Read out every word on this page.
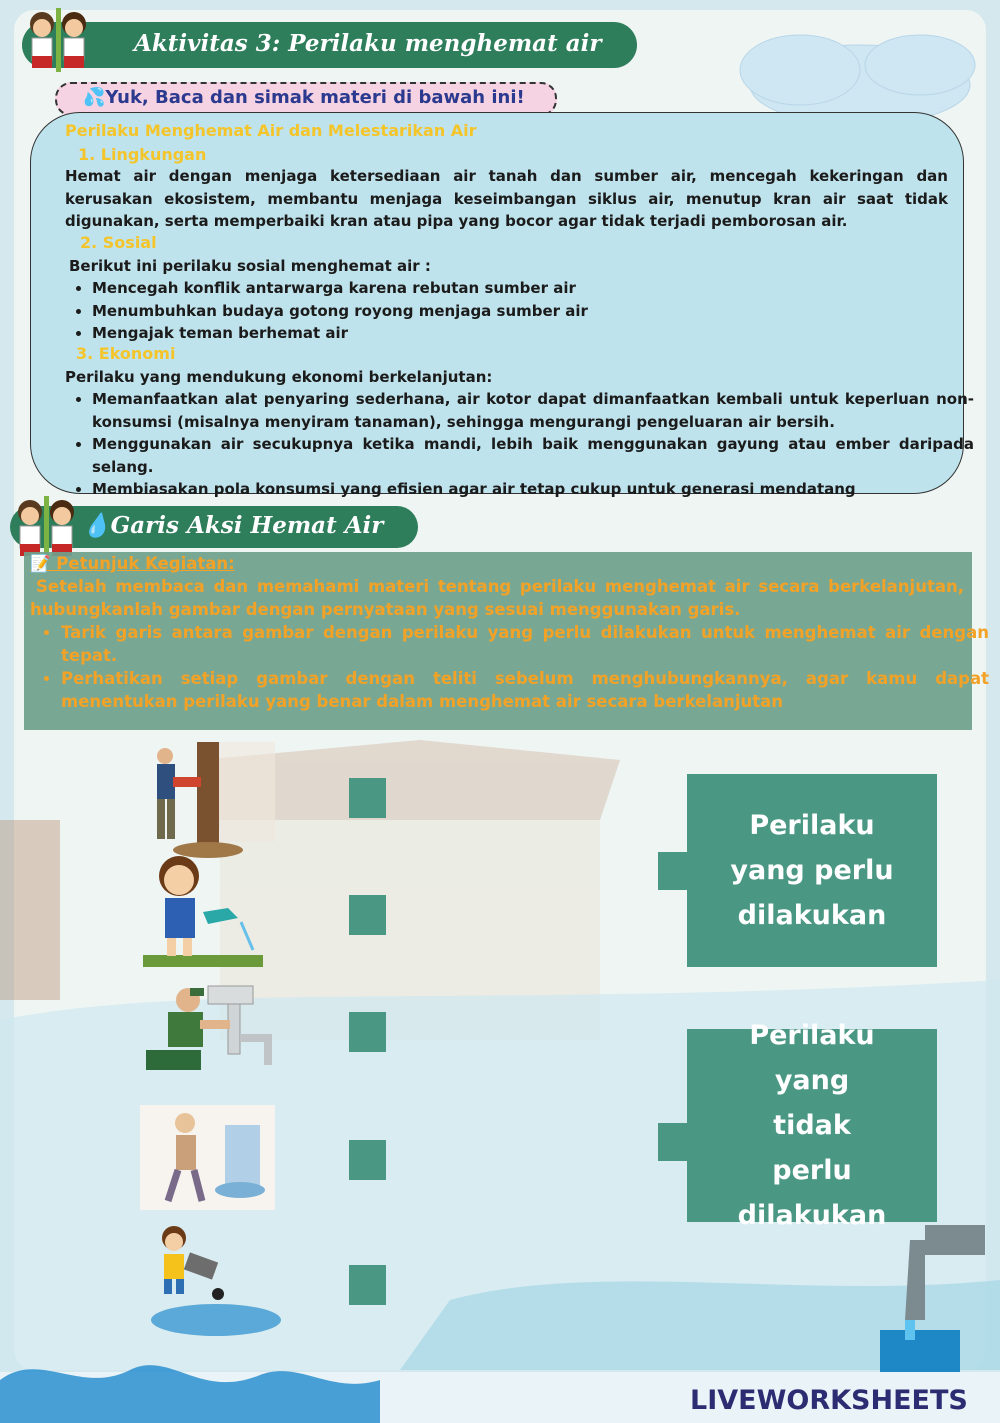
Aktivitas 3: Perilaku menghemat air
💦Yuk, Baca dan simak materi di bawah ini!
Perilaku Menghemat Air dan Melestarikan Air
1. Lingkungan
Hemat air dengan menjaga ketersediaan air tanah dan sumber air, mencegah kekeringan dan kerusakan ekosistem, membantu menjaga keseimbangan siklus air, menutup kran air saat tidak digunakan, serta memperbaiki kran atau pipa yang bocor agar tidak terjadi pemborosan air.
2. Sosial
Berikut ini perilaku sosial menghemat air :
• Mencegah konflik antarwarga karena rebutan sumber air
• Menumbuhkan budaya gotong royong menjaga sumber air
• Mengajak teman berhemat air
3. Ekonomi
Perilaku yang mendukung ekonomi berkelanjutan:
• Memanfaatkan alat penyaring sederhana, air kotor dapat dimanfaatkan kembali untuk keperluan non-konsumsi (misalnya menyiram tanaman), sehingga mengurangi pengeluaran air bersih.
• Menggunakan air secukupnya ketika mandi, lebih baik menggunakan gayung atau ember daripada selang.
• Membiasakan pola konsumsi yang efisien agar air tetap cukup untuk generasi mendatang
💧Garis Aksi Hemat Air
📝 Petunjuk Kegiatan:
Setelah membaca dan memahami materi tentang perilaku menghemat air secara berkelanjutan, hubungkanlah gambar dengan pernyataan yang sesuai menggunakan garis.
• Tarik garis antara gambar dengan perilaku yang perlu dilakukan untuk menghemat air dengan tepat.
• Perhatikan setiap gambar dengan teliti sebelum menghubungkannya, agar kamu dapat menentukan perilaku yang benar dalam menghemat air secara berkelanjutan
Perilaku yang perlu dilakukan
Perilaku yang tidak perlu dilakukan
LIVEWORKSHEETS
